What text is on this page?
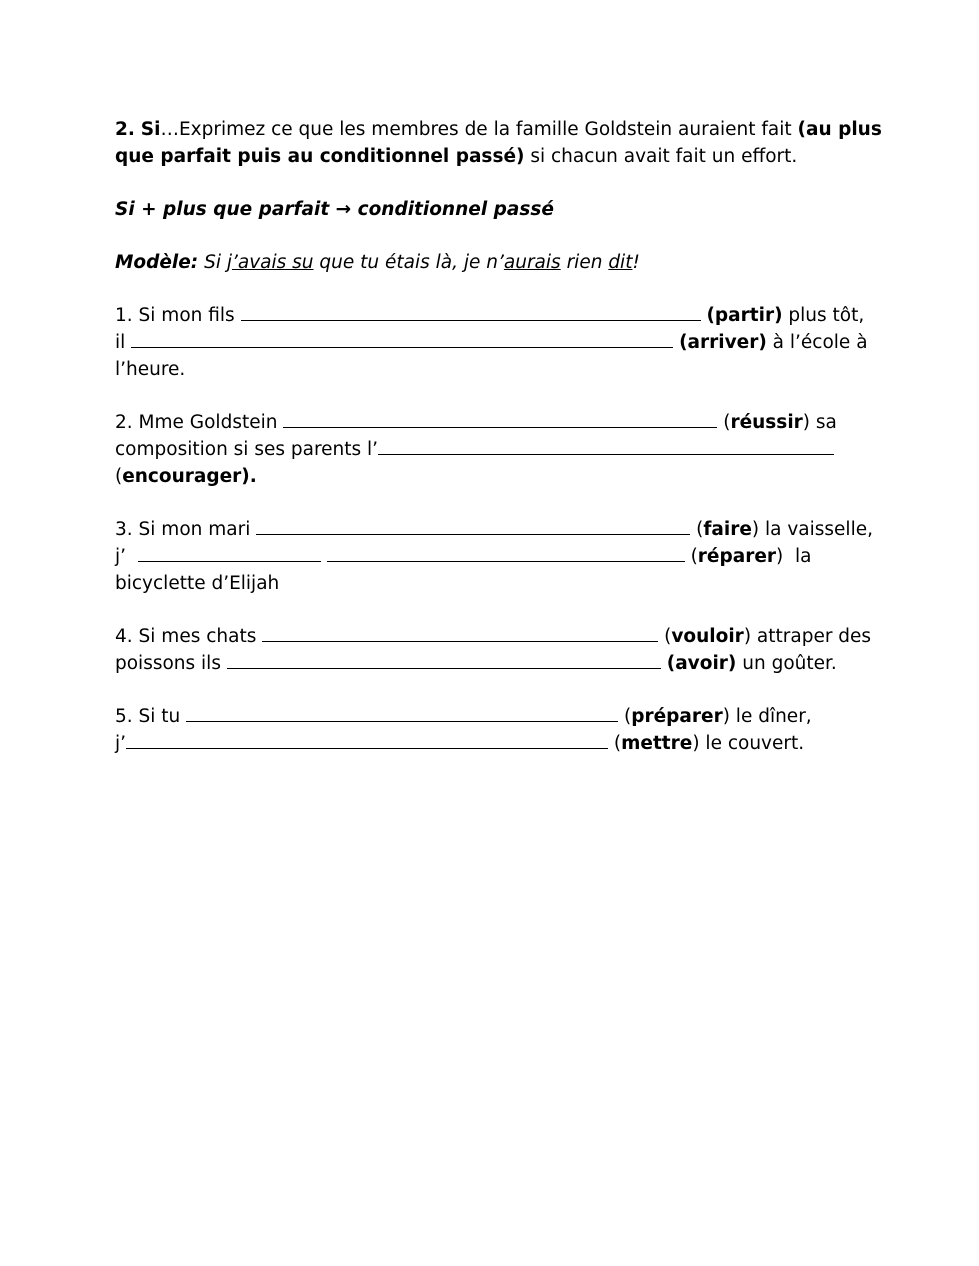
2. Si…Exprimez ce que les membres de la famille Goldstein auraient fait (au plus
que parfait puis au conditionnel passé) si chacun avait fait un effort.
Si + plus que parfait → conditionnel passé
Modèle: Si j’avais su que tu étais là, je n’aurais rien dit!
1. Si mon fils	(partir) plus tôt,
il	(arriver) à l’école à
l’heure.
2. Mme Goldstein	(réussir) sa
composition si ses parents l’
(encourager).
3. Si mon mari	(faire) la vaisselle,
j’	(réparer)  la
bicyclette d’Elijah
4. Si mes chats	(vouloir) attraper des
poissons ils	(avoir) un goûter.
5. Si tu	(préparer) le dîner,
j’	(mettre) le couvert.
